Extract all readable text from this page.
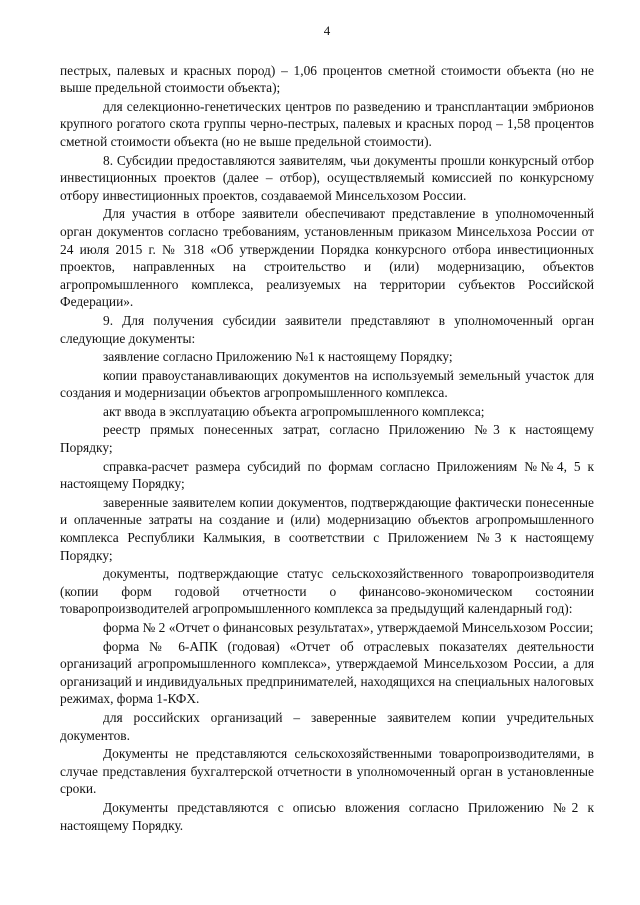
4

пестрых, палевых и красных пород) – 1,06 процентов сметной стоимости объекта (но не выше предельной стоимости объекта);

для селекционно-генетических центров по разведению и трансплантации эмбрионов крупного рогатого скота группы черно-пестрых, палевых и красных пород – 1,58 процентов сметной стоимости объекта (но не выше предельной стоимости).

8. Субсидии предоставляются заявителям, чьи документы прошли конкурсный отбор инвестиционных проектов (далее – отбор), осуществляемый комиссией по конкурсному отбору инвестиционных проектов, создаваемой Минсельхозом России.

Для участия в отборе заявители обеспечивают представление в уполномоченный орган документов согласно требованиям, установленным приказом Минсельхоза России от 24 июля 2015 г. № 318 «Об утверждении Порядка конкурсного отбора инвестиционных проектов, направленных на строительство и (или) модернизацию, объектов агропромышленного комплекса, реализуемых на территории субъектов Российской Федерации».

9. Для получения субсидии заявители представляют в уполномоченный орган следующие документы:

заявление согласно Приложению №1 к настоящему Порядку;

копии правоустанавливающих документов на используемый земельный участок для создания и модернизации объектов агропромышленного комплекса.

акт ввода в эксплуатацию объекта агропромышленного комплекса;

реестр прямых понесенных затрат, согласно Приложению №3 к настоящему Порядку;

справка-расчет размера субсидий по формам согласно Приложениям №№4, 5 к настоящему Порядку;

заверенные заявителем копии документов, подтверждающие фактически понесенные и оплаченные затраты на создание и (или) модернизацию объектов агропромышленного комплекса Республики Калмыкия, в соответствии с Приложением №3 к настоящему Порядку;

документы, подтверждающие статус сельскохозяйственного товаропроизводителя (копии форм годовой отчетности о финансово-экономическом состоянии товаропроизводителей агропромышленного комплекса за предыдущий календарный год):

форма № 2 «Отчет о финансовых результатах», утверждаемой Минсельхозом России;

форма № 6-АПК (годовая) «Отчет об отраслевых показателях деятельности организаций агропромышленного комплекса», утверждаемой Минсельхозом России, а для организаций и индивидуальных предпринимателей, находящихся на специальных налоговых режимах, форма 1-КФХ.

для российских организаций – заверенные заявителем копии учредительных документов.

Документы не представляются сельскохозяйственными товаропроизводителями, в случае представления бухгалтерской отчетности в уполномоченный орган в установленные сроки.

Документы представляются с описью вложения согласно Приложению №2 к настоящему Порядку.
